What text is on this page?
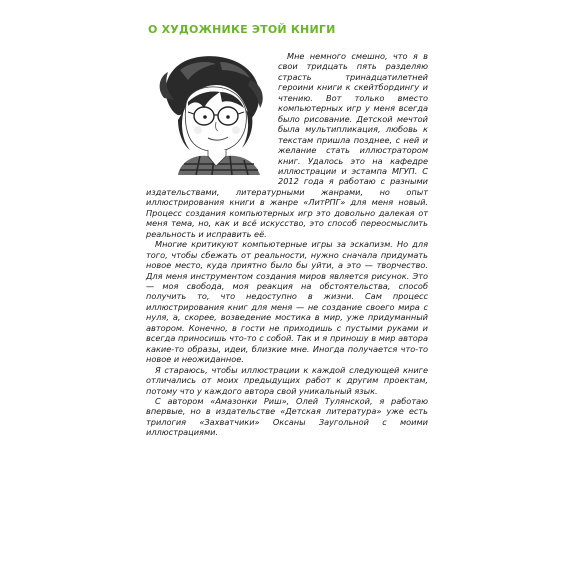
О ХУДОЖНИКЕ ЭТОЙ КНИГИ

Мне немного смешно, что я в свои тридцать пять разделяю страсть тринадцатилетней героини книги к скейтбордингу и чтению. Вот только вместо компьютерных игр у меня всегда было рисование. Детской мечтой была мультипликация, любовь к текстам пришла позднее, с ней и желание стать иллюстратором книг. Удалось это на кафедре иллюстрации и эстампа МГУП. С 2012 года я работаю с разными издательствами, литературными жанрами, но опыт иллюстрирования книги в жанре «ЛитРПГ» для меня новый. Процесс создания компьютерных игр это довольно далекая от меня тема, но, как и всё искусство, это способ переосмыслить реальность и исправить её.

Многие критикуют компьютерные игры за эскапизм. Но для того, чтобы сбежать от реальности, нужно сначала придумать новое место, куда приятно было бы уйти, а это — творчество. Для меня инструментом создания миров является рисунок. Это — моя свобода, моя реакция на обстоятельства, способ получить то, что недоступно в жизни. Сам процесс иллюстрирования книг для меня — не создание своего мира с нуля, а, скорее, возведение мостика в мир, уже придуманный автором. Конечно, в гости не приходишь с пустыми руками и всегда приносишь что-то с собой. Так и я приношу в мир автора какие-то образы, идеи, близкие мне. Иногда получается что-то новое и неожиданное.

Я стараюсь, чтобы иллюстрации к каждой следующей книге отличались от моих предыдущих работ к другим проектам, потому что у каждого автора свой уникальный язык.

С автором «Амазонки Риш», Олей Тулянской, я работаю впервые, но в издательстве «Детская литература» уже есть трилогия «Захватчики» Оксаны Заугольной с моими иллюстрациями.
